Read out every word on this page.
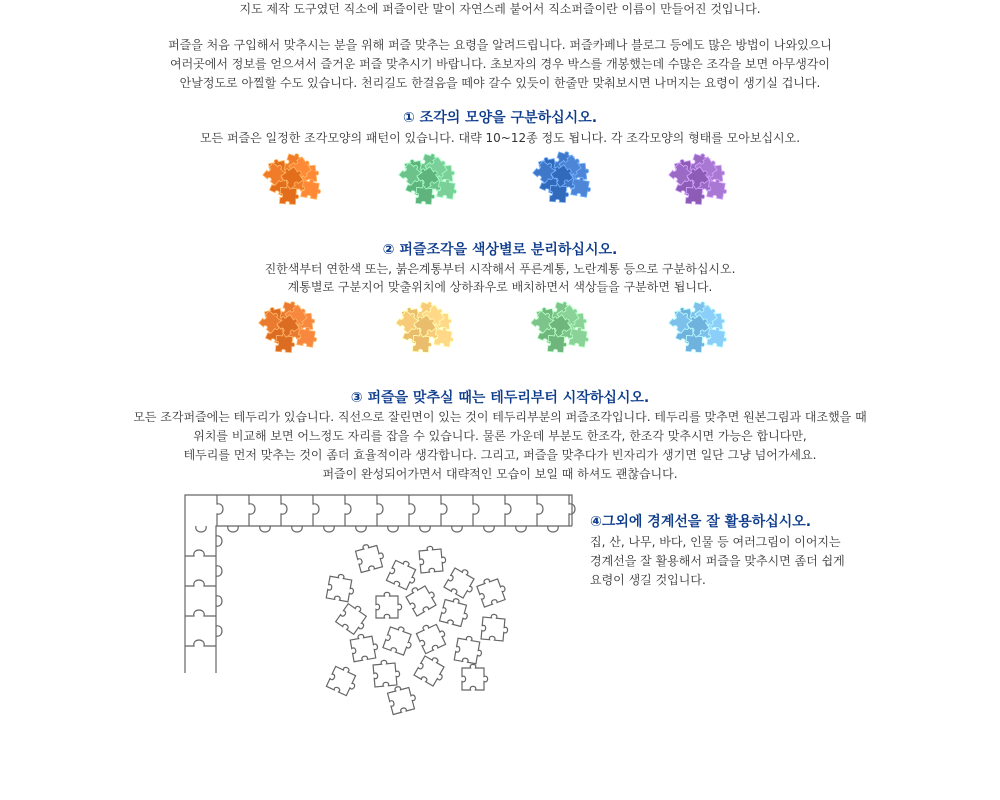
지도 제작 도구였던 직소에 퍼즐이란 말이 자연스레 붙어서 직소퍼즐이란 이름이 만들어진 것입니다.
퍼즐을 처음 구입해서 맞추시는 분을 위해 퍼즐 맞추는 요령을 알려드립니다. 퍼즐카페나 블로그 등에도 많은 방법이 나와있으니
여러곳에서 정보를 얻으셔서 즐거운 퍼즐 맞추시기 바랍니다. 초보자의 경우 박스를 개봉했는데 수많은 조각을 보면 아무생각이
안날정도로 아찔할 수도 있습니다. 천리길도 한걸음을 떼야 갈수 있듯이 한줄만 맞춰보시면 나머지는 요령이 생기실 겁니다.
① 조각의 모양을 구분하십시오.
모든 퍼즐은 일정한 조각모양의 패턴이 있습니다. 대략 10~12종 정도 됩니다. 각 조각모양의 형태를 모아보십시오.
② 퍼즐조각을 색상별로 분리하십시오.
진한색부터 연한색 또는, 붉은계통부터 시작해서 푸른계통, 노란계통 등으로 구분하십시오.
계통별로 구분지어 맞출위치에 상하좌우로 배치하면서 색상들을 구분하면 됩니다.
③ 퍼즐을 맞추실 때는 테두리부터 시작하십시오.
모든 조각퍼즐에는 테두리가 있습니다. 직선으로 잘린면이 있는 것이 테두리부분의 퍼즐조각입니다. 테두리를 맞추면 원본그림과 대조했을 때
위치를 비교해 보면 어느정도 자리를 잡을 수 있습니다. 물론 가운데 부분도 한조각, 한조각 맞추시면 가능은 합니다만,
테두리를 먼저 맞추는 것이 좀더 효율적이라 생각합니다. 그리고, 퍼즐을 맞추다가 빈자리가 생기면 일단 그냥 넘어가세요.
퍼즐이 완성되어가면서 대략적인 모습이 보일 때 하셔도 괜찮습니다.
④그외에 경계선을 잘 활용하십시오.
집, 산, 나무, 바다, 인물 등 여러그림이 이어지는
경계선을 잘 활용해서 퍼즐을 맞추시면 좀더 쉽게
요령이 생길 것입니다.
